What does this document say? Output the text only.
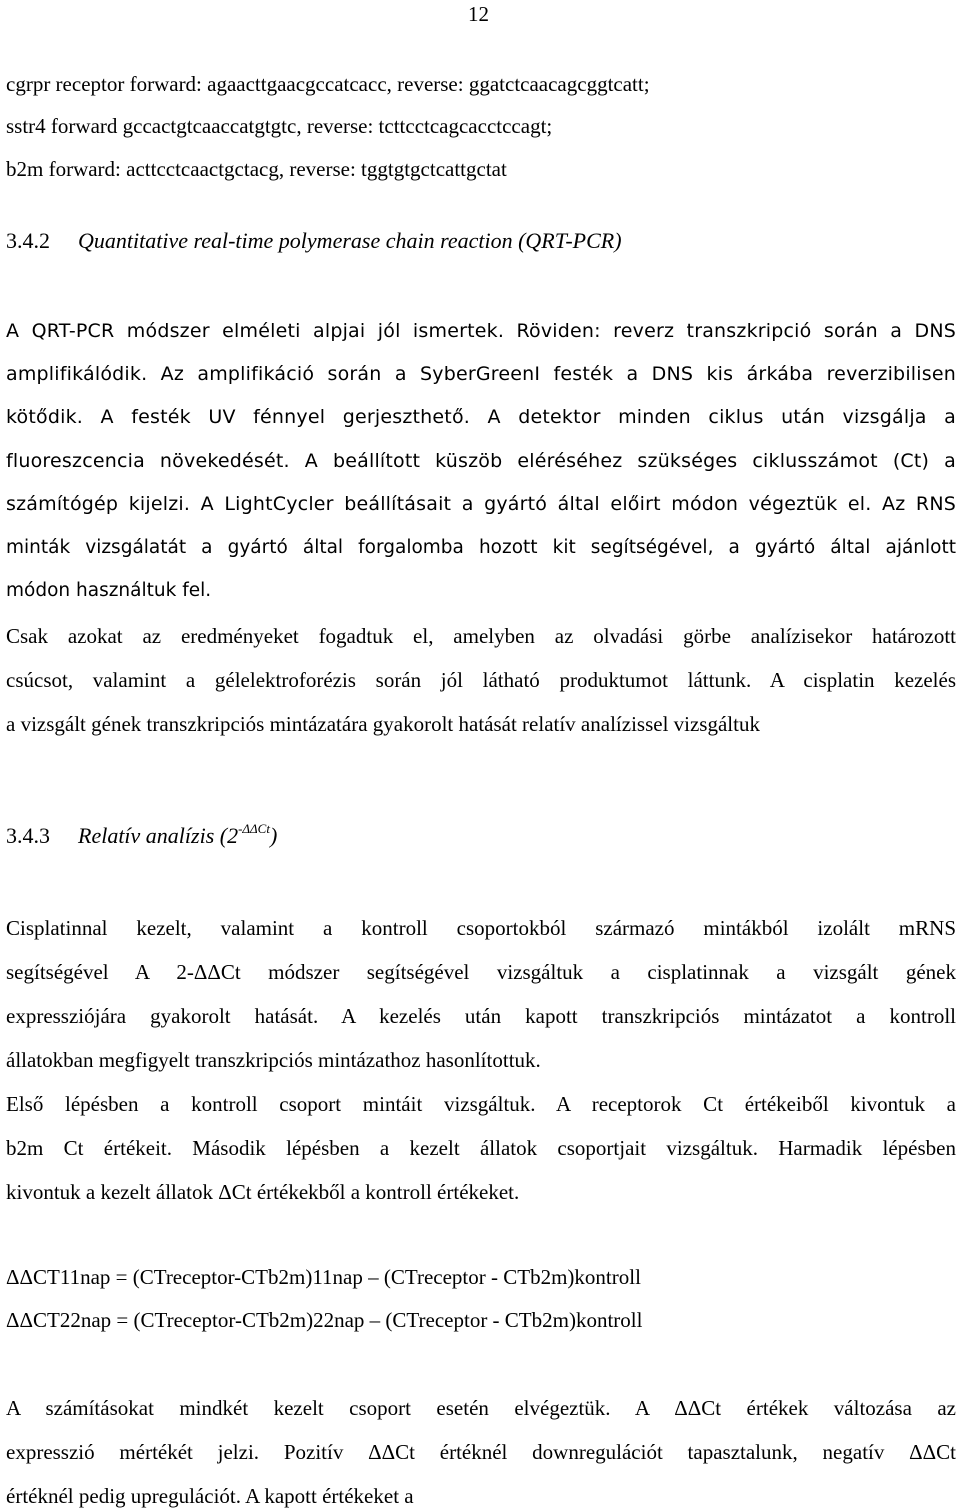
12
cgrpr receptor forward: agaacttgaacgccatcacc, reverse: ggatctcaacagcggtcatt;
sstr4 forward gccactgtcaaccatgtgtc, reverse: tcttcctcagcacctccagt;
b2m forward: acttcctcaactgctacg, reverse: tggtgtgctcattgctat
3.4.2 Quantitative real-time polymerase chain reaction (QRT-PCR)
A QRT-PCR módszer elméleti alpjai jól ismertek. Röviden: reverz transzkripció során a DNS
amplifikálódik. Az amplifikáció során a SyberGreenI festék a DNS kis árkába reverzibilisen
kötődik. A festék UV fénnyel gerjeszthető. A detektor minden ciklus után vizsgálja a
fluoreszcencia növekedését. A beállított küszöb eléréséhez szükséges ciklusszámot (Ct) a
számítógép kijelzi. A LightCycler beállításait a gyártó által előirt módon végeztük el. Az RNS
minták vizsgálatát a gyártó által forgalomba hozott kit segítségével, a gyártó által ajánlott
módon használtuk fel.
Csak azokat az eredményeket fogadtuk el, amelyben az olvadási görbe analízisekor határozott
csúcsot, valamint a gélelektroforézis során jól látható produktumot láttunk. A cisplatin kezelés
a vizsgált gének transzkripciós mintázatára gyakorolt hatását relatív analízissel vizsgáltuk
3.4.3 Relatív analízis $(2^{-\Delta\Delta Ct})$
Cisplatinnal kezelt, valamint a kontroll csoportokból származó mintákból izolált mRNS
segítségével A 2-ΔΔCt módszer segítségével vizsgáltuk a cisplatinnak a vizsgált gének
expressziójára gyakorolt hatását. A kezelés után kapott transzkripciós mintázatot a kontroll
állatokban megfigyelt transzkripciós mintázathoz hasonlítottuk.
Első lépésben a kontroll csoport mintáit vizsgáltuk. A receptorok Ct értékeiből kivontuk a
b2m Ct értékeit. Második lépésben a kezelt állatok csoportjait vizsgáltuk. Harmadik lépésben
kivontuk a kezelt állatok ΔCt értékekből a kontroll értékeket.
ΔΔCT11nap = (CTreceptor-CTb2m)11nap – (CTreceptor - CTb2m)kontroll
ΔΔCT22nap = (CTreceptor-CTb2m)22nap – (CTreceptor - CTb2m)kontroll
A számításokat mindkét kezelt csoport esetén elvégeztük. A ΔΔCt értékek változása az
expresszió mértékét jelzi. Pozitív ΔΔCt értéknél downregulációt tapasztalunk, negatív ΔΔCt
értéknél pedig upregulációt. A kapott értékeket a
